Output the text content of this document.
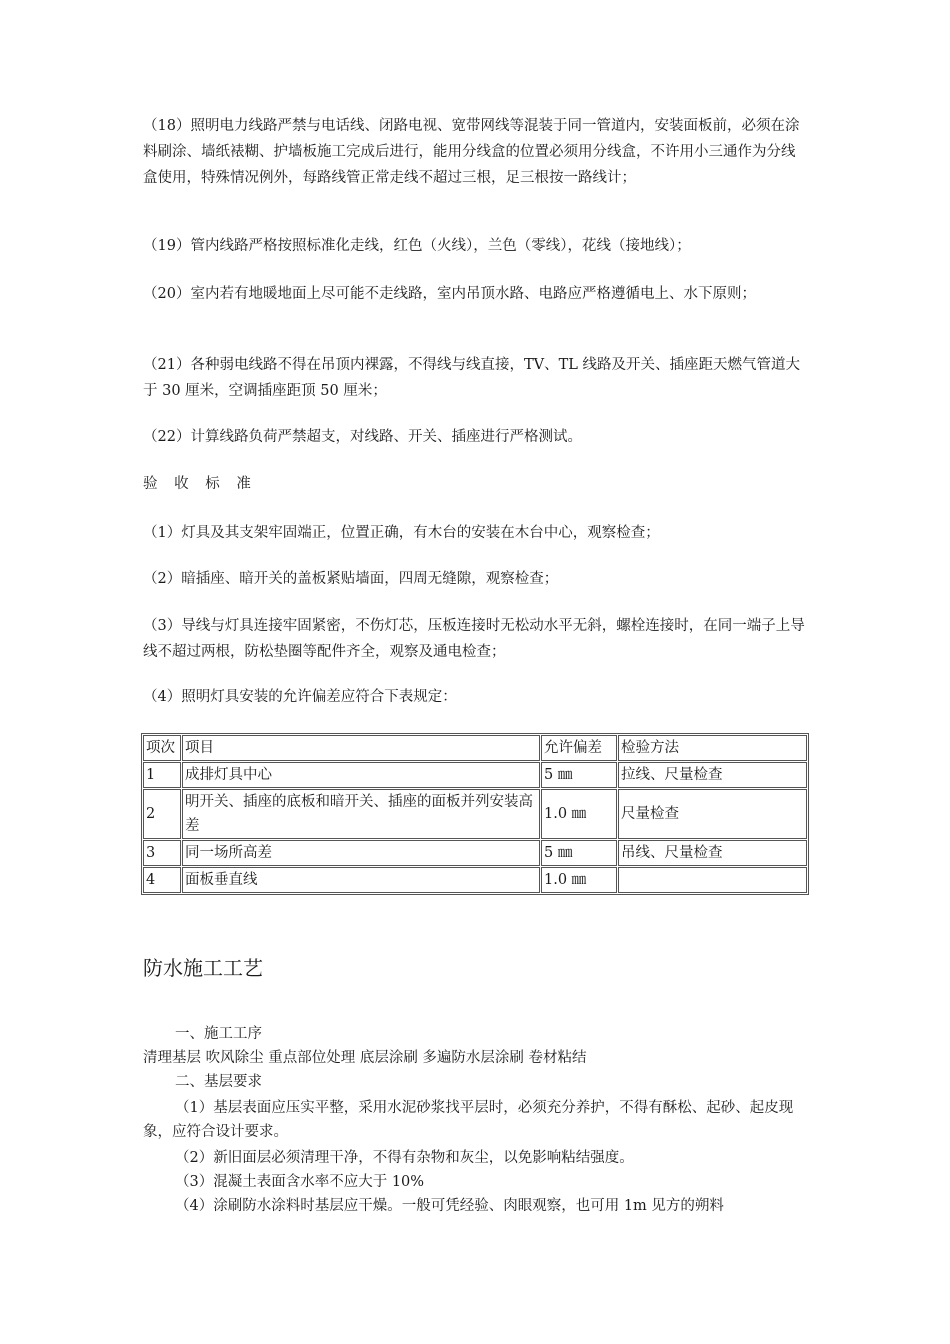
（18）照明电力线路严禁与电话线、闭路电视、宽带网线等混装于同一管道内，安装面板前，必须在涂料刷涂、墙纸裱糊、护墙板施工完成后进行，能用分线盒的位置必须用分线盒，不许用小三通作为分线盒使用，特殊情况例外，每路线管正常走线不超过三根，足三根按一路线计；

（19）管内线路严格按照标准化走线，红色（火线），兰色（零线），花线（接地线）；

（20）室内若有地暖地面上尽可能不走线路，室内吊顶水路、电路应严格遵循电上、水下原则；

（21）各种弱电线路不得在吊顶内裸露，不得线与线直接，TV、TL 线路及开关、插座距天燃气管道大于 30 厘米，空调插座距顶 50 厘米；

（22）计算线路负荷严禁超支，对线路、开关、插座进行严格测试。

验 收 标 准

（1）灯具及其支架牢固端正，位置正确，有木台的安装在木台中心，观察检查；

（2）暗插座、暗开关的盖板紧贴墙面，四周无缝隙，观察检查；

（3）导线与灯具连接牢固紧密，不伤灯芯，压板连接时无松动水平无斜，螺栓连接时，在同一端子上导线不超过两根，防松垫圈等配件齐全，观察及通电检查；

（4）照明灯具安装的允许偏差应符合下表规定：

项次	项目	允许偏差	检验方法
1	成排灯具中心	5 ㎜	拉线、尺量检查
2	明开关、插座的底板和暗开关、插座的面板并列安装高差	1.0 ㎜	尺量检查
3	同一场所高差	5 ㎜	吊线、尺量检查
4	面板垂直线	1.0 ㎜	
防水施工工艺

一、施工工序

清理基层 吹风除尘 重点部位处理 底层涂刷 多遍防水层涂刷 卷材粘结

二、基层要求

（1）基层表面应压实平整，采用水泥砂浆找平层时，必须充分养护，不得有酥松、起砂、起皮现象，应符合设计要求。

（2）新旧面层必须清理干净，不得有杂物和灰尘，以免影响粘结强度。

（3）混凝土表面含水率不应大于 10%

（4）涂刷防水涂料时基层应干燥。一般可凭经验、肉眼观察，也可用 1m 见方的朔料
